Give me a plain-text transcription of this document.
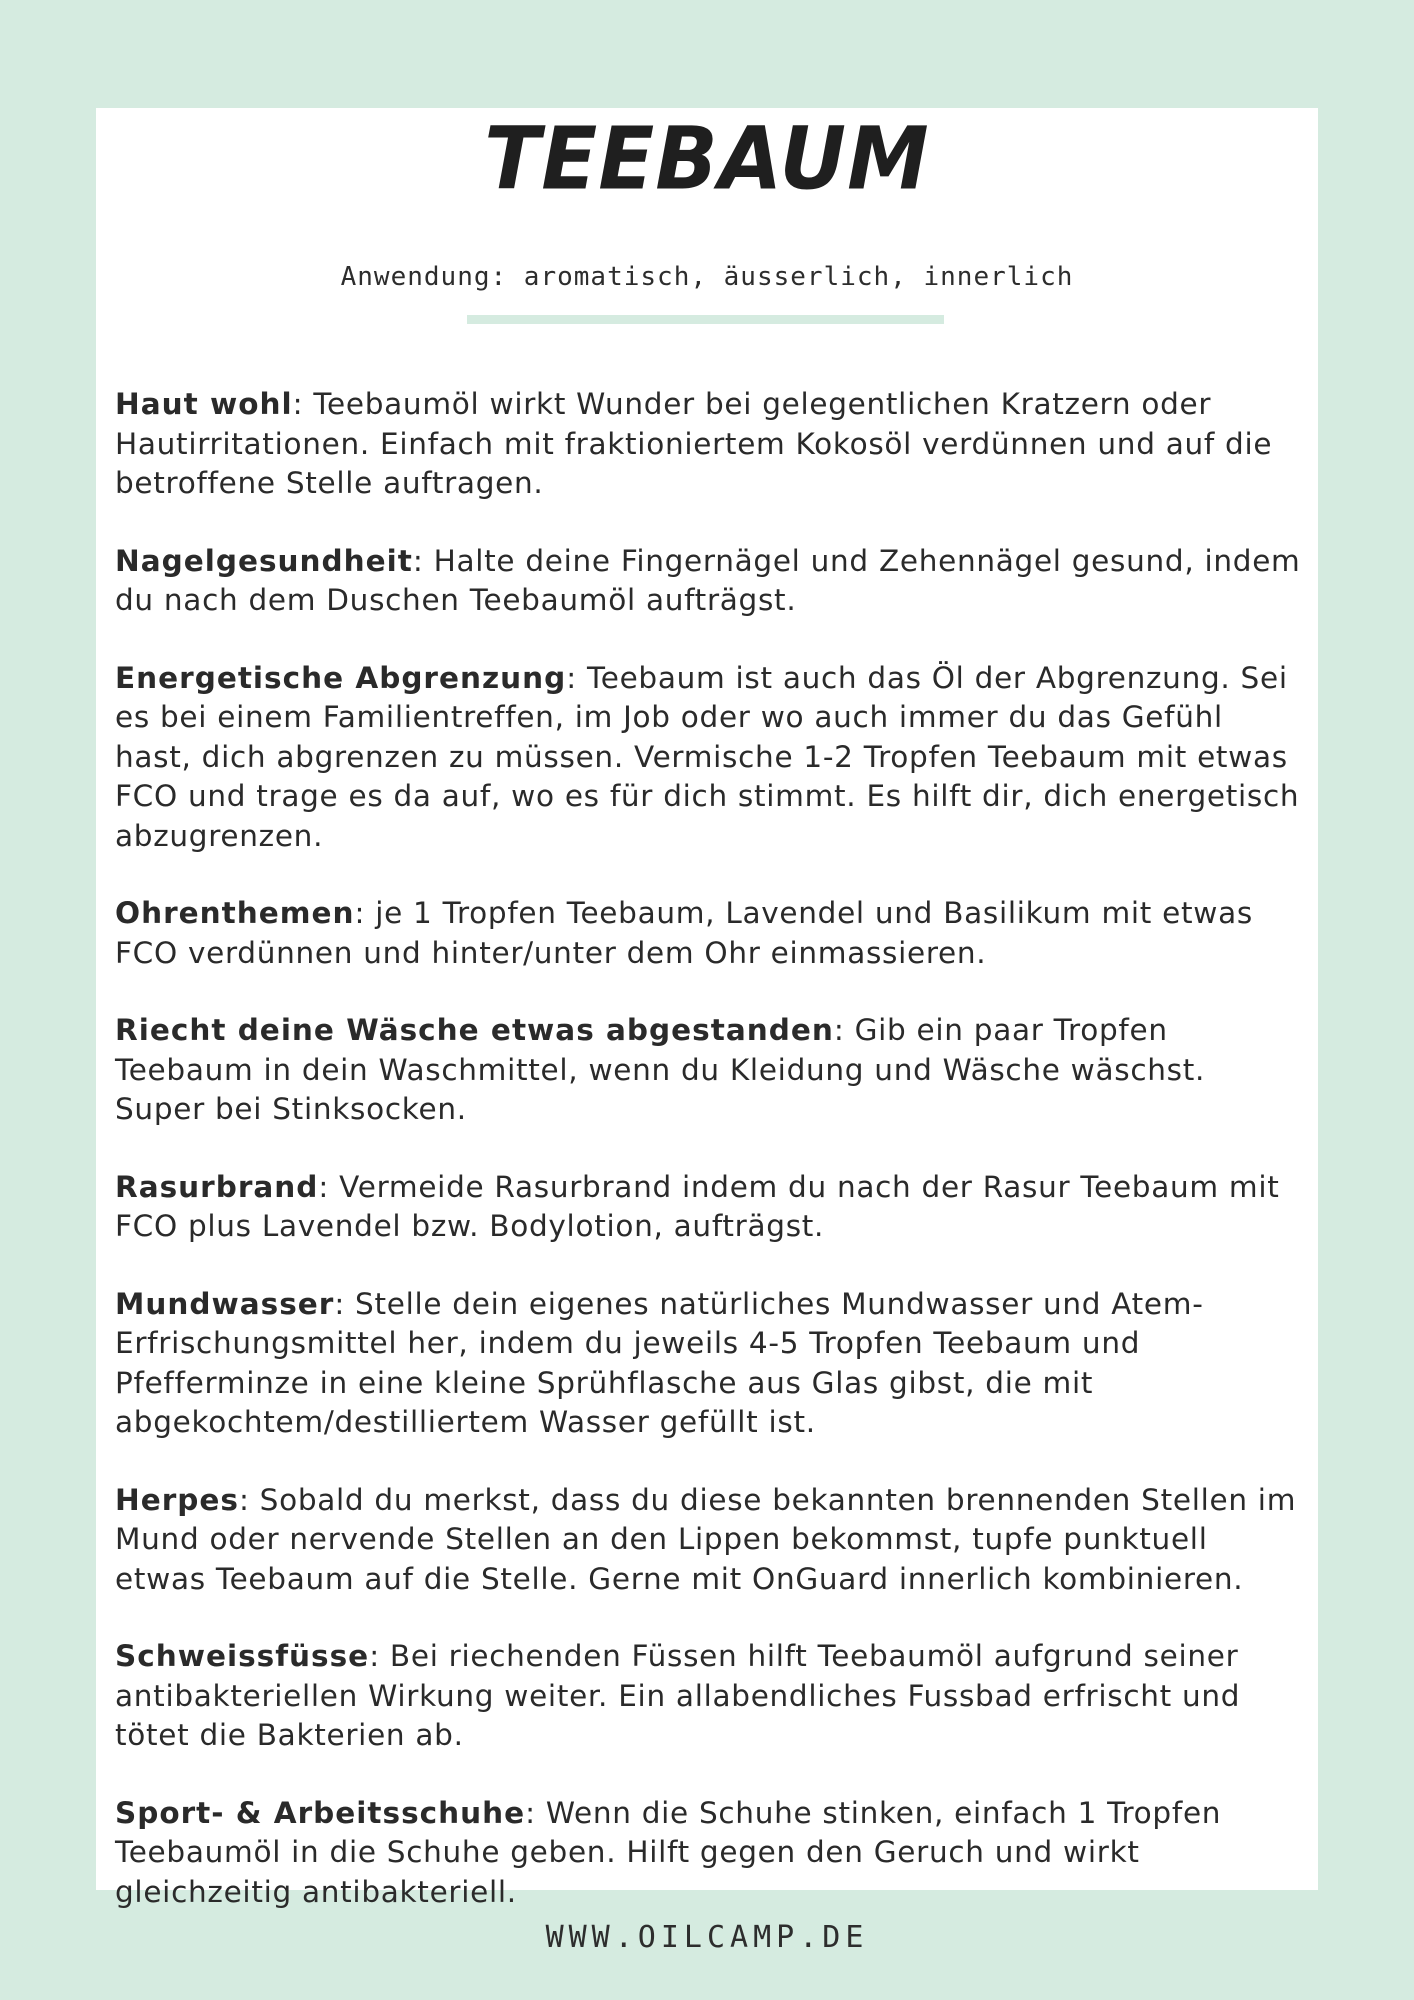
TEEBAUM
Anwendung: aromatisch, äusserlich, innerlich

Haut wohl: Teebaumöl wirkt Wunder bei gelegentlichen Kratzern oder Hautirritationen. Einfach mit fraktioniertem Kokosöl verdünnen und auf die betroffene Stelle auftragen.

Nagelgesundheit: Halte deine Fingernägel und Zehennägel gesund, indem du nach dem Duschen Teebaumöl aufträgst.

Energetische Abgrenzung: Teebaum ist auch das Öl der Abgrenzung. Sei es bei einem Familientreffen, im Job oder wo auch immer du das Gefühl hast, dich abgrenzen zu müssen. Vermische 1-2 Tropfen Teebaum mit etwas FCO und trage es da auf, wo es für dich stimmt. Es hilft dir, dich energetisch abzugrenzen.

Ohrenthemen: je 1 Tropfen Teebaum, Lavendel und Basilikum mit etwas FCO verdünnen und hinter/unter dem Ohr einmassieren.

Riecht deine Wäsche etwas abgestanden: Gib ein paar Tropfen Teebaum in dein Waschmittel, wenn du Kleidung und Wäsche wäschst. Super bei Stinksocken.

Rasurbrand: Vermeide Rasurbrand indem du nach der Rasur Teebaum mit FCO plus Lavendel bzw. Bodylotion, aufträgst.

Mundwasser: Stelle dein eigenes natürliches Mundwasser und Atem-Erfrischungsmittel her, indem du jeweils 4-5 Tropfen Teebaum und Pfefferminze in eine kleine Sprühflasche aus Glas gibst, die mit abgekochtem/destilliertem Wasser gefüllt ist.

Herpes: Sobald du merkst, dass du diese bekannten brennenden Stellen im Mund oder nervende Stellen an den Lippen bekommst, tupfe punktuell etwas Teebaum auf die Stelle. Gerne mit OnGuard innerlich kombinieren.

Schweissfüsse: Bei riechenden Füssen hilft Teebaumöl aufgrund seiner antibakteriellen Wirkung weiter. Ein allabendliches Fussbad erfrischt und tötet die Bakterien ab.

Sport- & Arbeitsschuhe: Wenn die Schuhe stinken, einfach 1 Tropfen Teebaumöl in die Schuhe geben. Hilft gegen den Geruch und wirkt gleichzeitig antibakteriell.

WWW.OILCAMP.DE
